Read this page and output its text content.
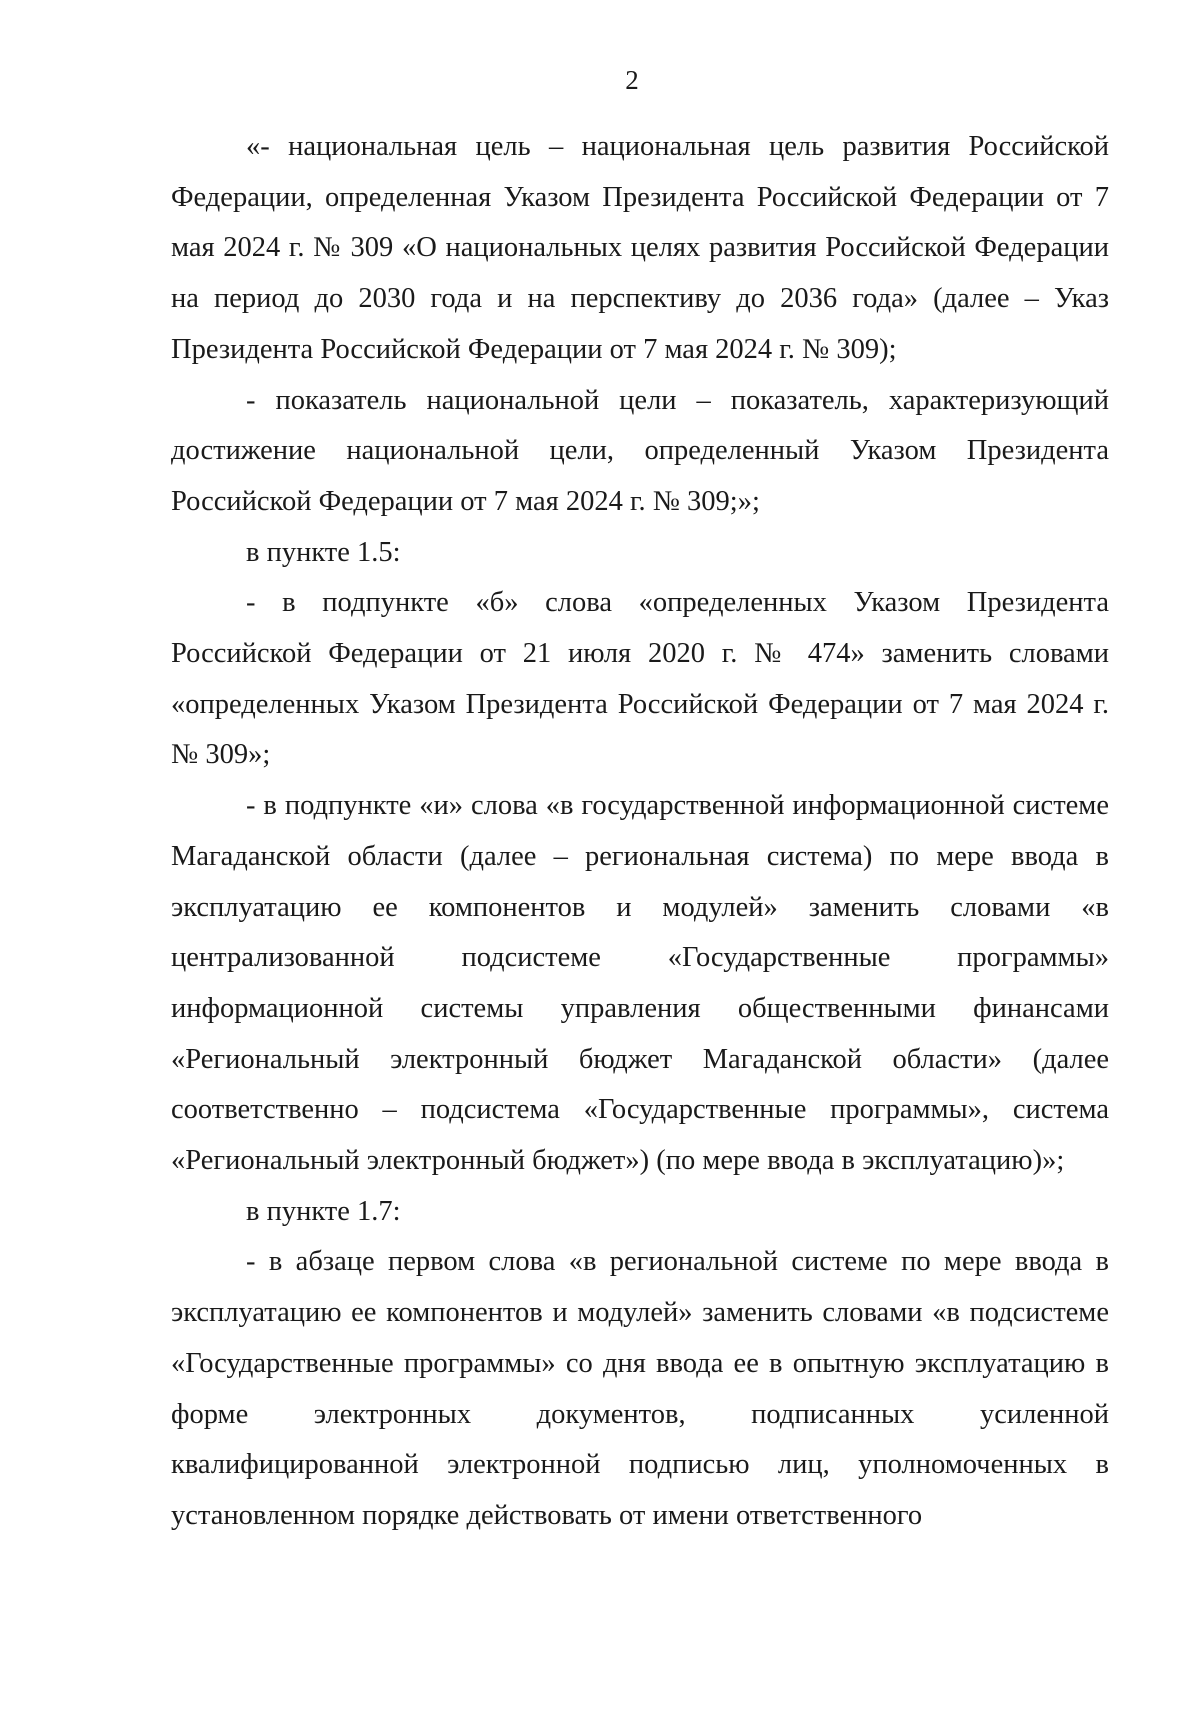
2

«- национальная цель – национальная цель развития Российской Федерации, определенная Указом Президента Российской Федерации от 7 мая 2024 г. № 309 «О национальных целях развития Российской Федерации на период до 2030 года и на перспективу до 2036 года» (далее – Указ Президента Российской Федерации от 7 мая 2024 г. № 309);

- показатель национальной цели – показатель, характеризующий достижение национальной цели, определенный Указом Президента Российской Федерации от 7 мая 2024 г. № 309;»;

в пункте 1.5:

- в подпункте «б» слова «определенных Указом Президента Российской Федерации от 21 июля 2020 г. № 474» заменить словами «определенных Указом Президента Российской Федерации от 7 мая 2024 г. № 309»;

- в подпункте «и» слова «в государственной информационной системе Магаданской области (далее – региональная система) по мере ввода в эксплуатацию ее компонентов и модулей» заменить словами «в централизованной подсистеме «Государственные программы» информационной системы управления общественными финансами «Региональный электронный бюджет Магаданской области» (далее соответственно – подсистема «Государственные программы», система «Региональный электронный бюджет») (по мере ввода в эксплуатацию)»;

в пункте 1.7:

- в абзаце первом слова «в региональной системе по мере ввода в эксплуатацию ее компонентов и модулей» заменить словами «в подсистеме «Государственные программы» со дня ввода ее в опытную эксплуатацию в форме электронных документов, подписанных усиленной квалифицированной электронной подписью лиц, уполномоченных в установленном порядке действовать от имени ответственного
